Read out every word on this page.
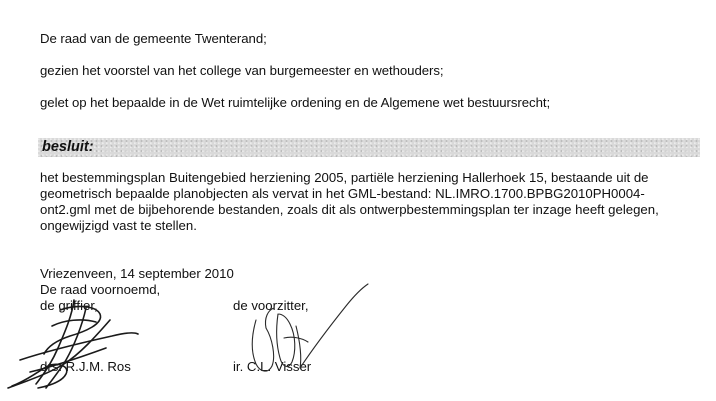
De raad van de gemeente Twenterand;
gezien het voorstel van het college van burgemeester en wethouders;
gelet op het bepaalde in de Wet ruimtelijke ordening en de Algemene wet bestuursrecht;
besluit:
het bestemmingsplan Buitengebied herziening 2005, partiële herziening Hallerhoek 15, bestaande uit de
geometrisch bepaalde planobjecten als vervat in het GML-bestand: NL.IMRO.1700.BPBG2010PH0004-
ont2.gml met de bijbehorende bestanden, zoals dit als ontwerpbestemmingsplan ter inzage heeft gelegen,
ongewijzigd vast te stellen.
Vriezenveen, 14 september 2010
De raad voornoemd,
de griffier,	de voorzitter,
drs. R.J.M. Ros	ir. C.L. Visser
